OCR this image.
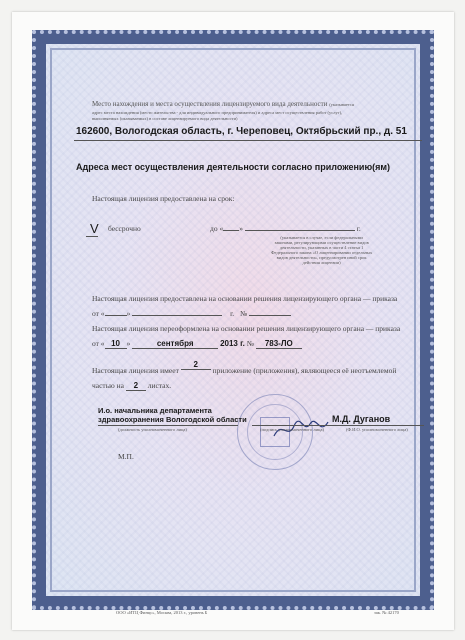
Место нахождения и места осуществления лицензируемого вида деятельности (указывается
адрес места нахождения (место жительства - для индивидуального предпринимателя) и адреса мест осуществления работ (услуг),
выполняемых (оказываемых) в составе лицензируемого вида деятельности)
162600, Вологодская область, г. Череповец, Октябрьский пр., д. 51
Адреса мест осуществления деятельности согласно приложению(ям)
Настоящая лицензия предоставлена на срок:
V бессрочно	до « »	г.
(указывается в случае, если федеральными
законами, регулирующими осуществление видов
деятельности, указанных в части 4 статьи 1
Федерального закона «О лицензировании отдельных
видов деятельности», предусмотрен иной срок
действия лицензии)
Настоящая лицензия предоставлена на основании решения лицензирующего органа — приказа
от «	»	г. №
Настоящая лицензия переоформлена на основании решения лицензирующего органа — приказа
от « 10 »	сентября	2013 г. № 783-ЛО
Настоящая лицензия имеет 2 приложение (приложения), являющееся её неотъемлемой
частью на 2 листах.
И.о. начальника департамента
здравоохранения Вологодской области
(должность уполномоченного лица)	(подпись уполномоченного лица)
М.Д. Дуганов
(Ф.И.О. уполномоченного лица)
М.П.
ООО «ИТЦ Финцс», Москва, 2013 г., уровень Б	зак. № 42170
